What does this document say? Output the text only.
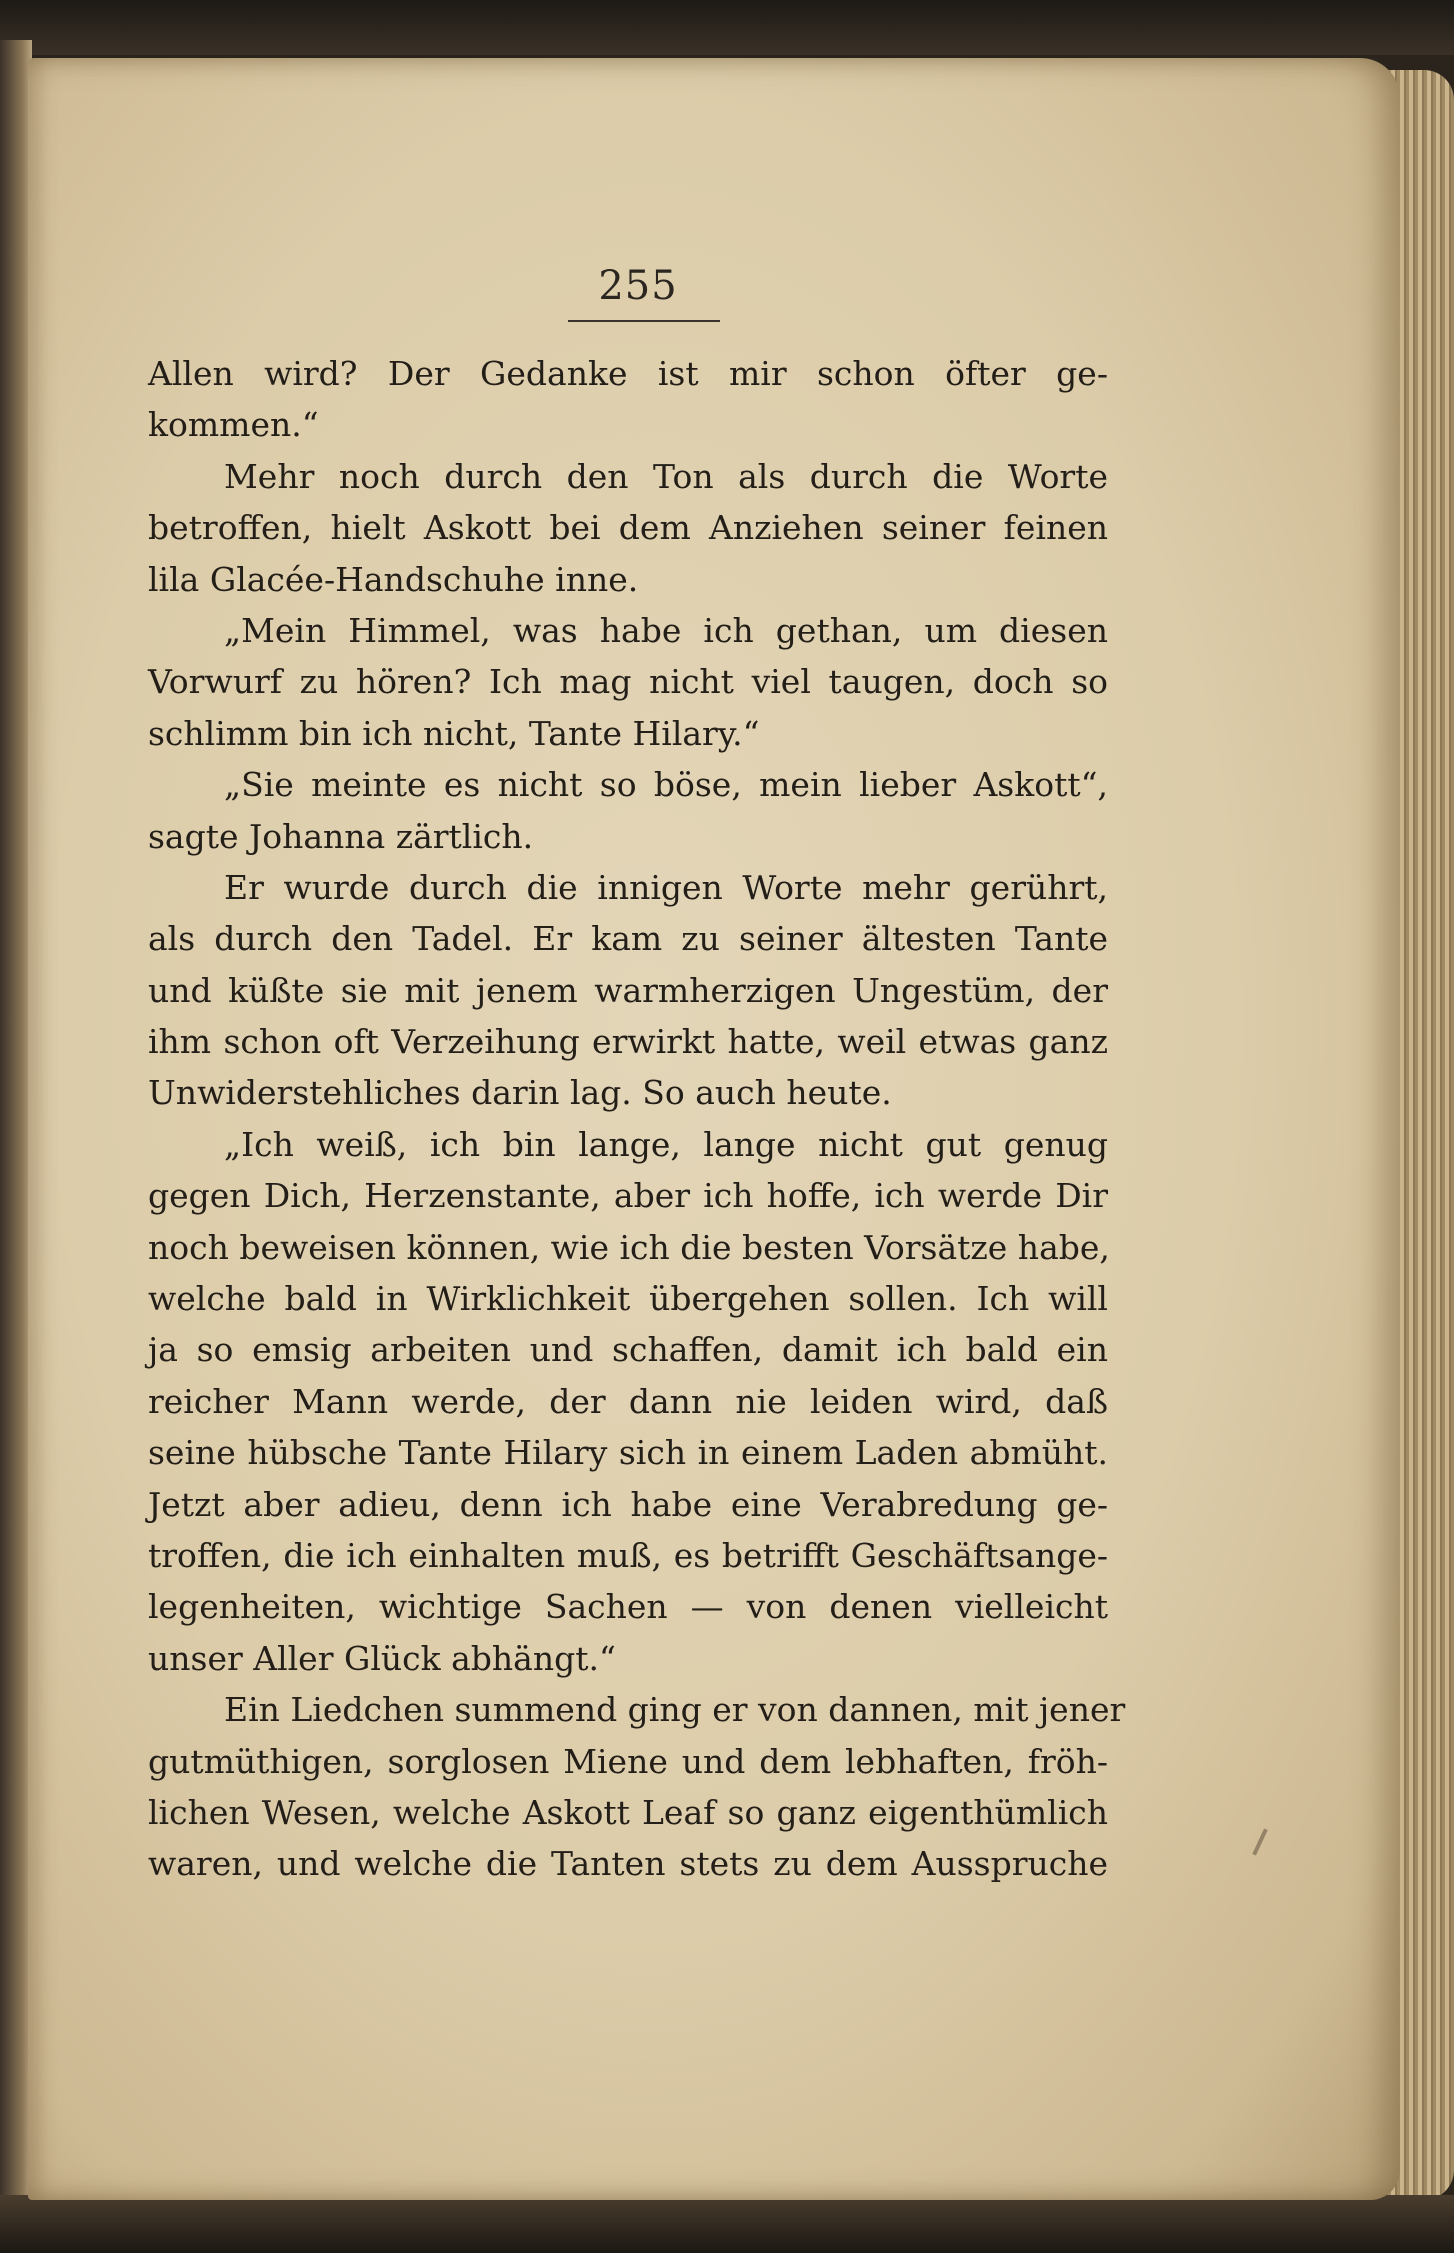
255
Allen wird? Der Gedanke ist mir schon öfter ge-
kommen.“
Mehr noch durch den Ton als durch die Worte
betroffen, hielt Askott bei dem Anziehen seiner feinen
lila Glacée-Handschuhe inne.
„Mein Himmel, was habe ich gethan, um diesen
Vorwurf zu hören? Ich mag nicht viel taugen, doch so
schlimm bin ich nicht, Tante Hilary.“
„Sie meinte es nicht so böse, mein lieber Askott“,
sagte Johanna zärtlich.
Er wurde durch die innigen Worte mehr gerührt,
als durch den Tadel. Er kam zu seiner ältesten Tante
und küßte sie mit jenem warmherzigen Ungestüm, der
ihm schon oft Verzeihung erwirkt hatte, weil etwas ganz
Unwiderstehliches darin lag. So auch heute.
„Ich weiß, ich bin lange, lange nicht gut genug
gegen Dich, Herzenstante, aber ich hoffe, ich werde Dir
noch beweisen können, wie ich die besten Vorsätze habe,
welche bald in Wirklichkeit übergehen sollen. Ich will
ja so emsig arbeiten und schaffen, damit ich bald ein
reicher Mann werde, der dann nie leiden wird, daß
seine hübsche Tante Hilary sich in einem Laden abmüht.
Jetzt aber adieu, denn ich habe eine Verabredung ge-
troffen, die ich einhalten muß, es betrifft Geschäftsange-
legenheiten, wichtige Sachen — von denen vielleicht
unser Aller Glück abhängt.“
Ein Liedchen summend ging er von dannen, mit jener
gutmüthigen, sorglosen Miene und dem lebhaften, fröh-
lichen Wesen, welche Askott Leaf so ganz eigenthümlich
waren, und welche die Tanten stets zu dem Ausspruche
